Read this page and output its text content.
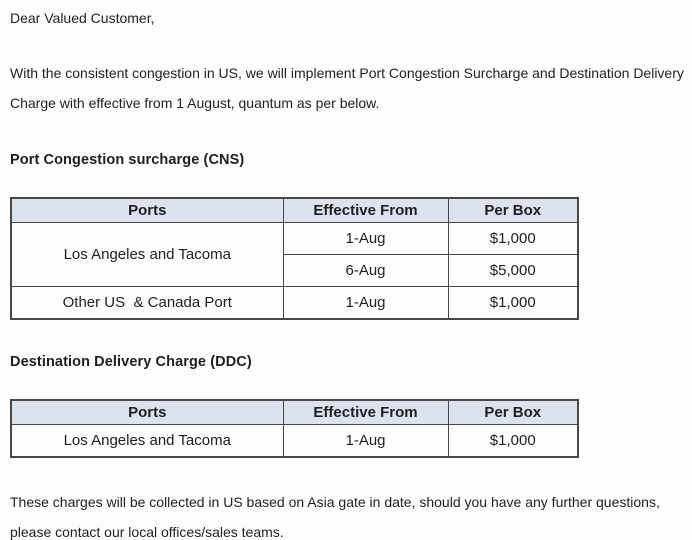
Dear Valued Customer,

With the consistent congestion in US, we will implement Port Congestion Surcharge and Destination Delivery Charge with effective from 1 August, quantum as per below.

Port Congestion surcharge (CNS)
Ports	Effective From	Per Box
Los Angeles and Tacoma	1-Aug	$1,000
	6-Aug	$5,000
Other US  & Canada Port	1-Aug	$1,000
Destination Delivery Charge (DDC)
Ports	Effective From	Per Box
Los Angeles and Tacoma	1-Aug	$1,000

These charges will be collected in US based on Asia gate in date, should you have any further questions, please contact our local offices/sales teams.
